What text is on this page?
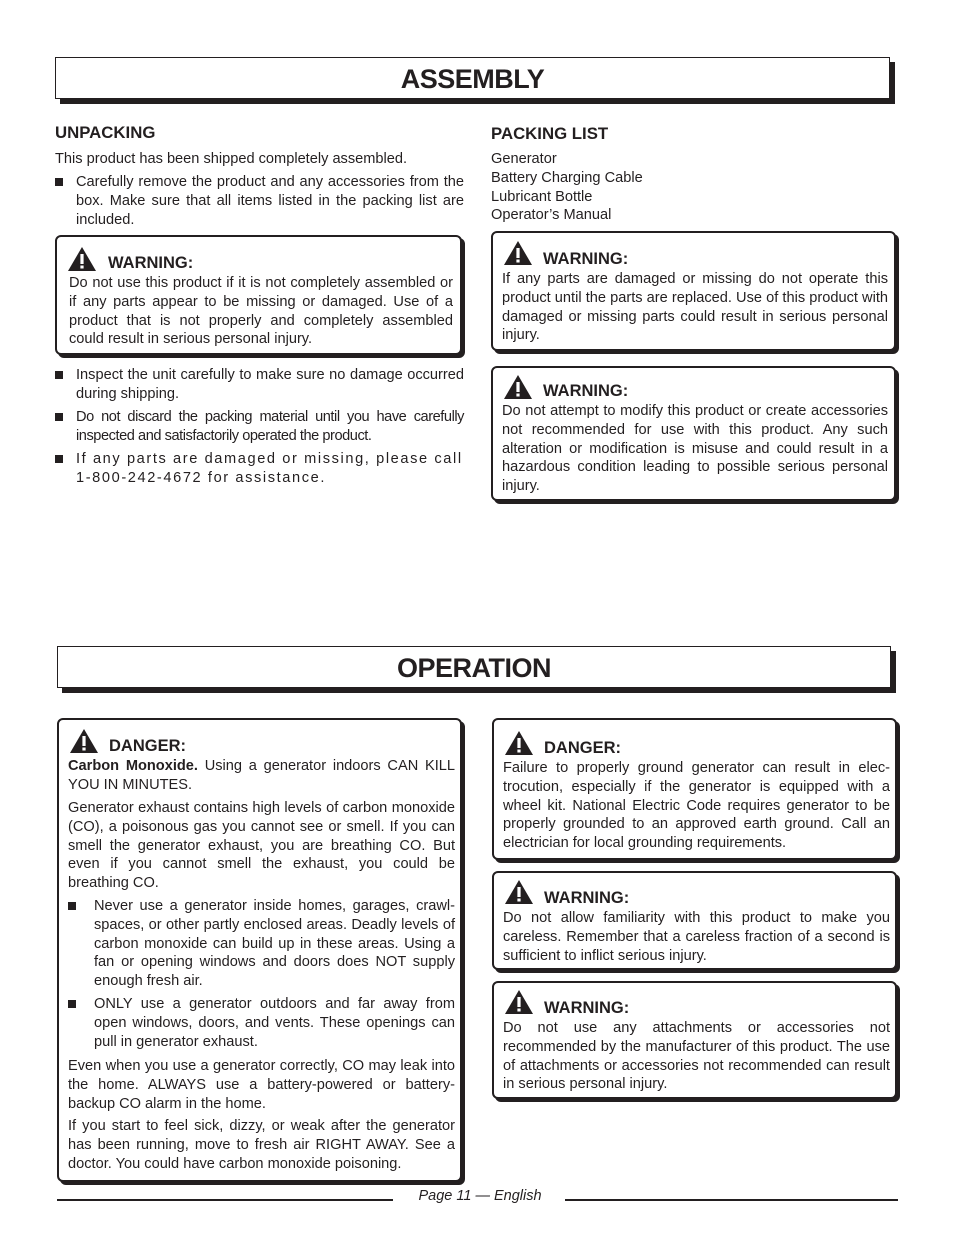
ASSEMBLY
UNPACKING
This product has been shipped completely assembled.
Carefully remove the product and any accessories from the box. Make sure that all items listed in the packing list are included.
WARNING:
Do not use this product if it is not completely assembled or if any parts appear to be missing or damaged. Use of a product that is not properly and completely assembled could result in serious personal injury.
Inspect the unit carefully to make sure no damage occurred during shipping.
Do not discard the packing material until you have carefully inspected and satisfactorily operated the product.
If any parts are damaged or missing, please call 1-800-242-4672 for assistance.
PACKING LIST
Generator
Battery Charging Cable
Lubricant Bottle
Operator’s Manual
WARNING:
If any parts are damaged or missing do not operate this product until the parts are replaced. Use of this product with damaged or missing parts could result in serious personal injury.
WARNING:
Do not attempt to modify this product or create accessories not recommended for use with this product. Any such alteration or modification is misuse and could result in a hazardous condition leading to possible serious personal injury.
OPERATION
DANGER:
Carbon Monoxide. Using a generator indoors CAN KILL YOU IN MINUTES.
Generator exhaust contains high levels of carbon monoxide (CO), a poisonous gas you cannot see or smell. If you can smell the generator exhaust, you are breathing CO. But even if you cannot smell the exhaust, you could be breathing CO.
Never use a generator inside homes, garages, crawlspaces, or other partly enclosed areas. Deadly levels of carbon monoxide can build up in these areas. Using a fan or opening windows and doors does NOT supply enough fresh air.
ONLY use a generator outdoors and far away from open windows, doors, and vents. These openings can pull in generator exhaust.
Even when you use a generator correctly, CO may leak into the home. ALWAYS use a battery-powered or battery-backup CO alarm in the home.
If you start to feel sick, dizzy, or weak after the generator has been running, move to fresh air RIGHT AWAY. See a doctor. You could have carbon monoxide poisoning.
DANGER:
Failure to properly ground generator can result in electrocution, especially if the generator is equipped with a wheel kit. National Electric Code requires generator to be properly grounded to an approved earth ground. Call an electrician for local grounding requirements.
WARNING:
Do not allow familiarity with this product to make you careless. Remember that a careless fraction of a second is sufficient to inflict serious injury.
WARNING:
Do not use any attachments or accessories not recommended by the manufacturer of this product. The use of attachments or accessories not recommended can result in serious personal injury.
Page 11 — English
